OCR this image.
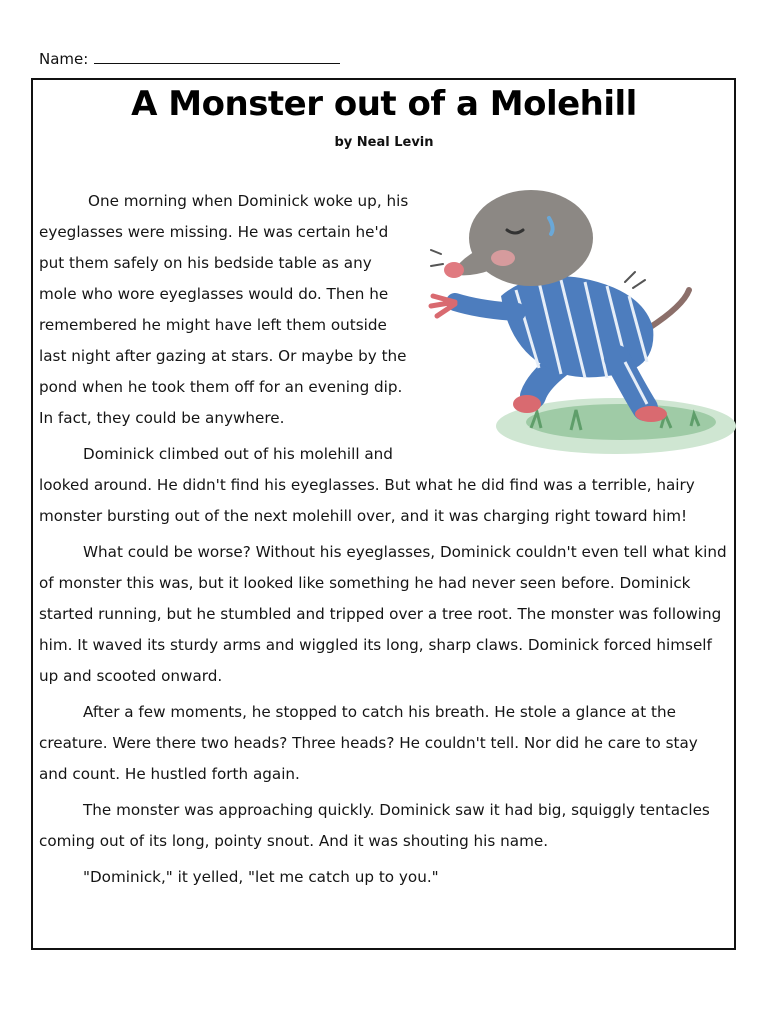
Name:
A Monster out of a Molehill
by Neal Levin

One morning when Dominick woke up, his eyeglasses were missing. He was certain he'd put them safely on his bedside table as any mole who wore eyeglasses would do. Then he remembered he might have left them outside last night after gazing at stars. Or maybe by the pond when he took them off for an evening dip. In fact, they could be anywhere.

Dominick climbed out of his molehill and looked around. He didn't find his eyeglasses. But what he did find was a terrible, hairy monster bursting out of the next molehill over, and it was charging right toward him!

What could be worse? Without his eyeglasses, Dominick couldn't even tell what kind of monster this was, but it looked like something he had never seen before. Dominick started running, but he stumbled and tripped over a tree root. The monster was following him. It waved its sturdy arms and wiggled its long, sharp claws. Dominick forced himself up and scooted onward.

After a few moments, he stopped to catch his breath. He stole a glance at the creature. Were there two heads? Three heads? He couldn't tell. Nor did he care to stay and count. He hustled forth again.

The monster was approaching quickly. Dominick saw it had big, squiggly tentacles coming out of its long, pointy snout. And it was shouting his name.

"Dominick," it yelled, "let me catch up to you."
